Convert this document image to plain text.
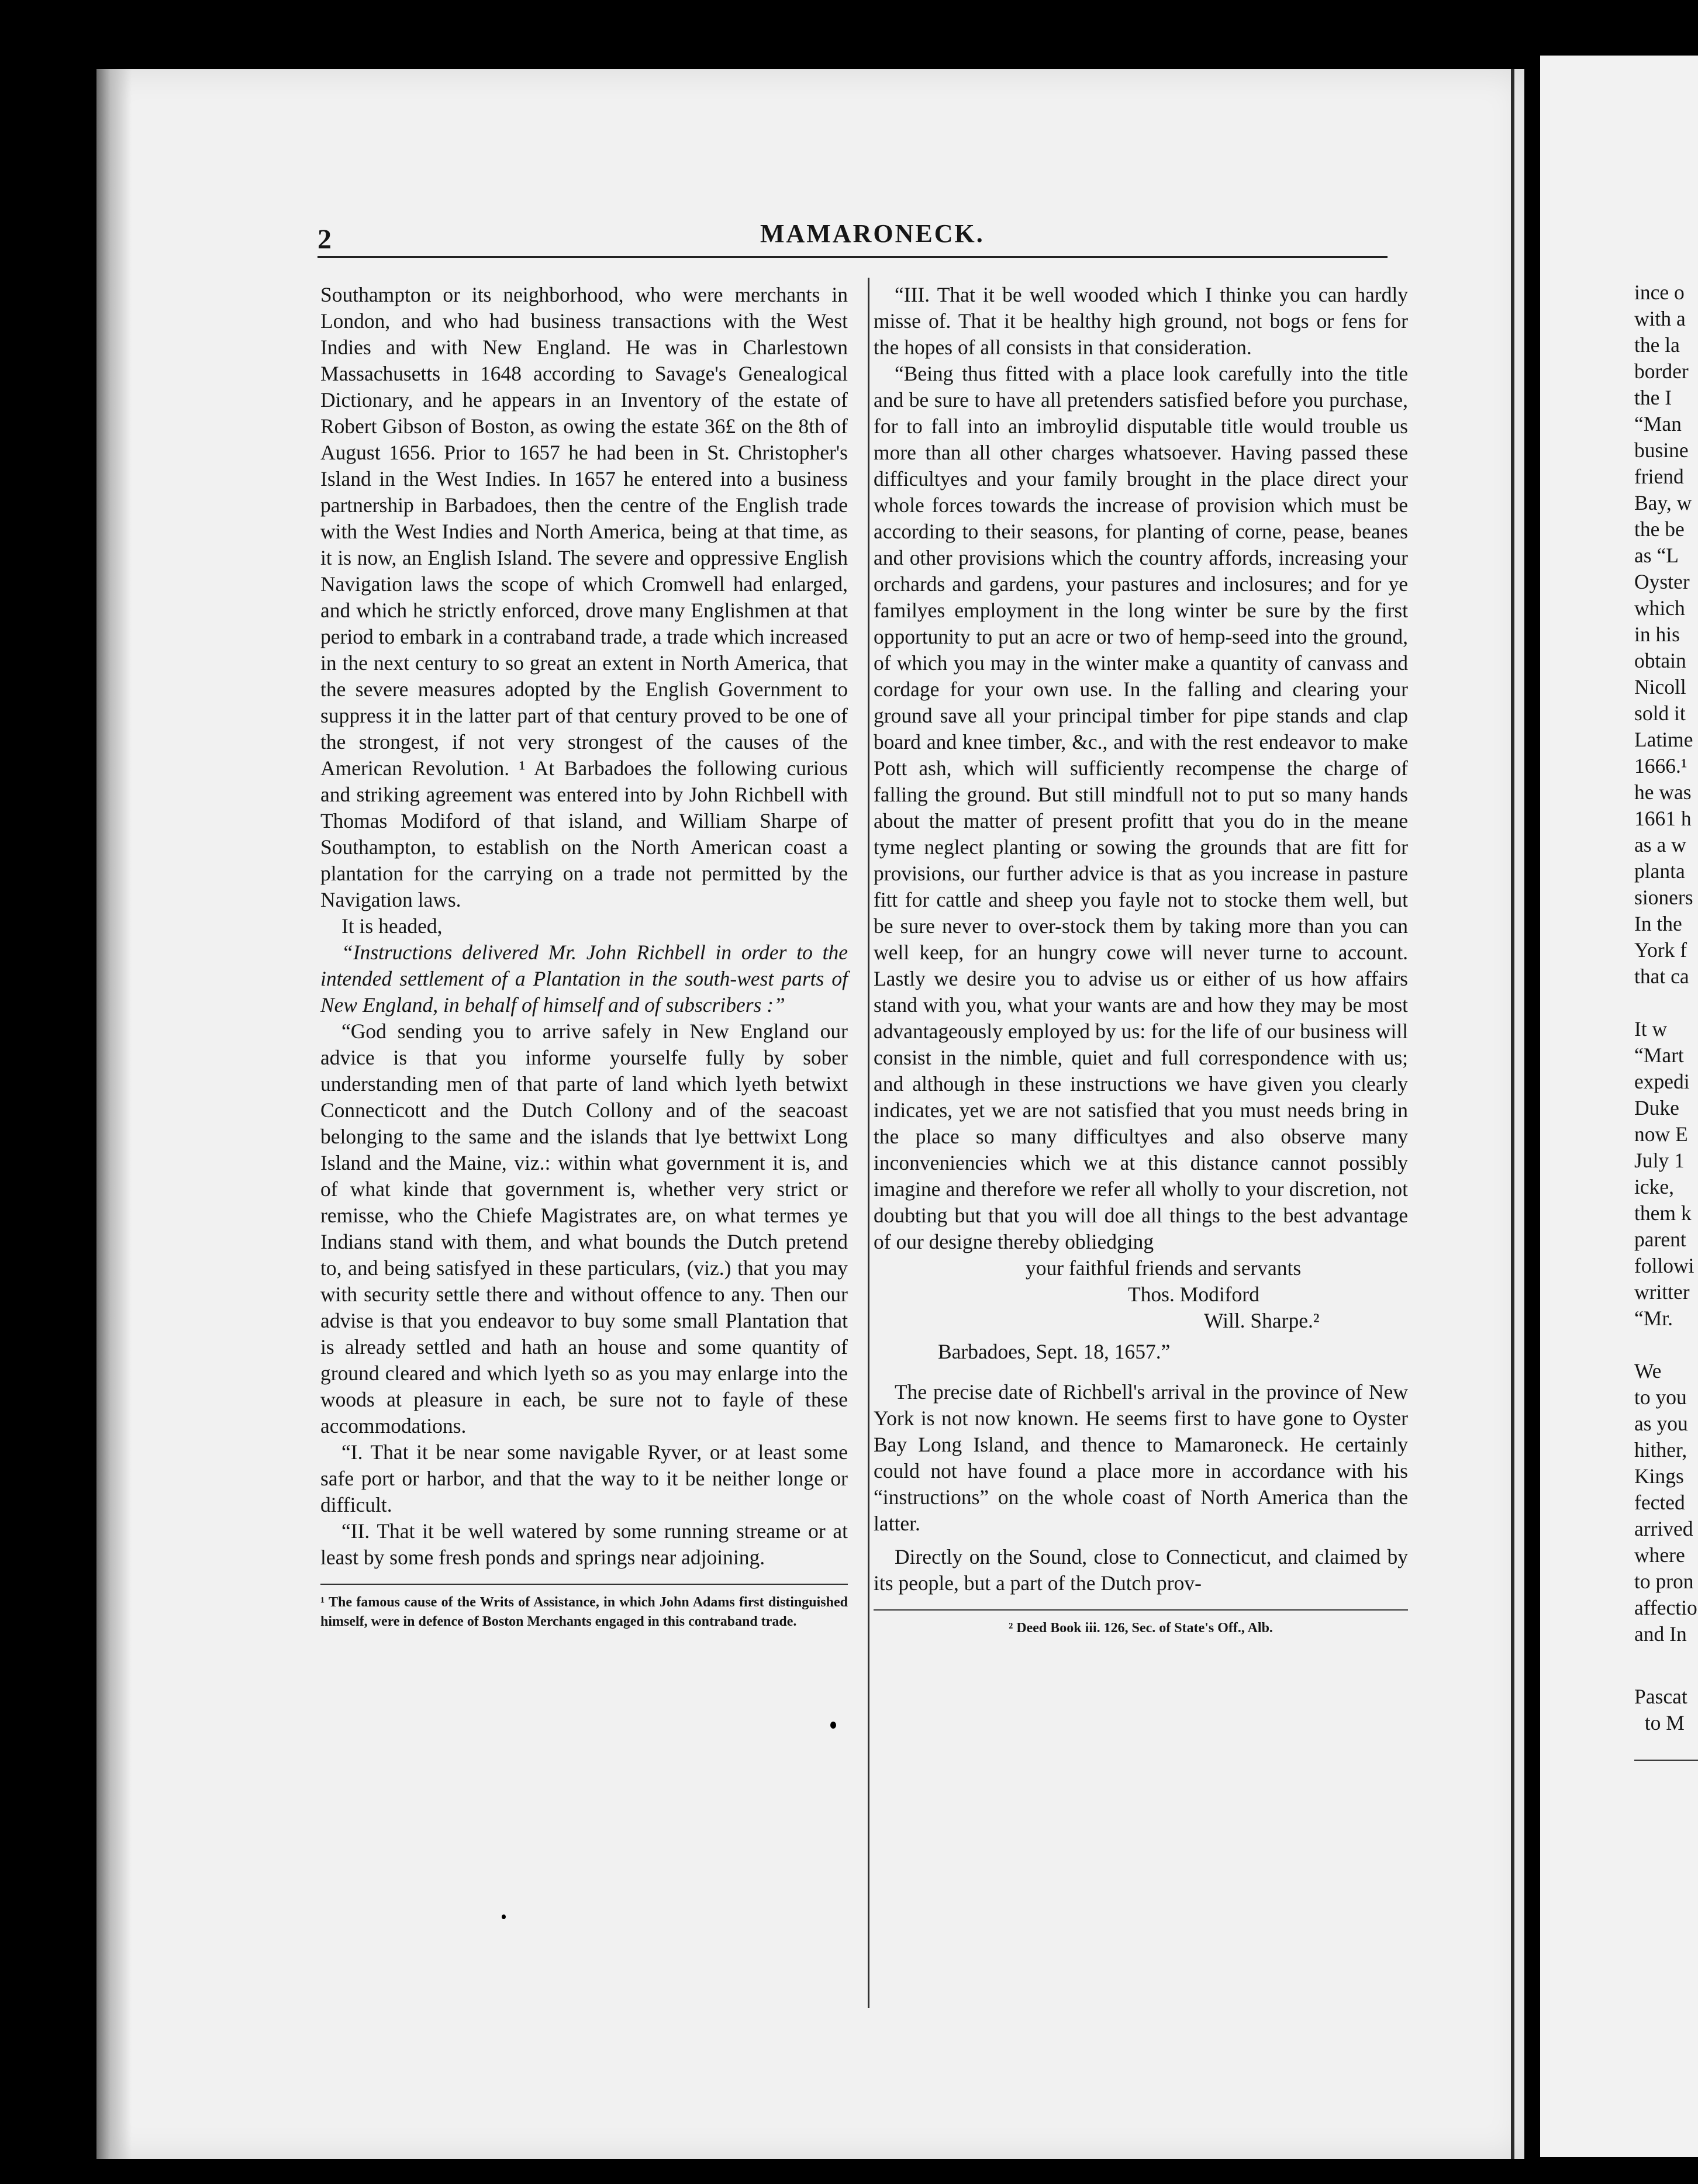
2	MAMARONECK.

Southampton or its neighborhood, who were merchants in London, and who had business transactions with the West Indies and with New England. He was in Charlestown Massachusetts in 1648 according to Savage's Genealogical Dictionary, and he appears in an Inventory of the estate of Robert Gibson of Boston, as owing the estate 36£ on the 8th of August 1656. Prior to 1657 he had been in St. Christopher's Island in the West Indies. In 1657 he entered into a business partnership in Barbadoes, then the centre of the English trade with the West Indies and North America, being at that time, as it is now, an English Island. The severe and oppressive English Navigation laws the scope of which Cromwell had enlarged, and which he strictly enforced, drove many Englishmen at that period to embark in a contraband trade, a trade which increased in the next century to so great an extent in North America, that the severe measures adopted by the English Government to suppress it in the latter part of that century proved to be one of the strongest, if not very strongest of the causes of the American Revolution. ¹ At Barbadoes the following curious and striking agreement was entered into by John Richbell with Thomas Modiford of that island, and William Sharpe of Southampton, to establish on the North American coast a plantation for the carrying on a trade not permitted by the Navigation laws.

It is headed,

“Instructions delivered Mr. John Richbell in order to the intended settlement of a Plantation in the south-west parts of New England, in behalf of himself and of subscribers :”

“God sending you to arrive safely in New England our advice is that you informe yourselfe fully by sober understanding men of that parte of land which lyeth betwixt Connecticott and the Dutch Collony and of the seacoast belonging to the same and the islands that lye bettwixt Long Island and the Maine, viz.: within what government it is, and of what kinde that government is, whether very strict or remisse, who the Chiefe Magistrates are, on what termes ye Indians stand with them, and what bounds the Dutch pretend to, and being satisfyed in these particulars, (viz.) that you may with security settle there and without offence to any. Then our advise is that you endeavor to buy some small Plantation that is already settled and hath an house and some quantity of ground cleared and which lyeth so as you may enlarge into the woods at pleasure in each, be sure not to fayle of these accommodations.

“I. That it be near some navigable Ryver, or at least some safe port or harbor, and that the way to it be neither longe or difficult.

“II. That it be well watered by some running streame or at least by some fresh ponds and springs near adjoining.

¹ The famous cause of the Writs of Assistance, in which John Adams first distinguished himself, were in defence of Boston Merchants engaged in this contraband trade.

“III. That it be well wooded which I thinke you can hardly misse of. That it be healthy high ground, not bogs or fens for the hopes of all consists in that consideration.

“Being thus fitted with a place look carefully into the title and be sure to have all pretenders satisfied before you purchase, for to fall into an imbroylid disputable title would trouble us more than all other charges whatsoever. Having passed these difficultyes and your family brought in the place direct your whole forces towards the increase of provision which must be according to their seasons, for planting of corne, pease, beanes and other provisions which the country affords, increasing your orchards and gardens, your pastures and inclosures; and for ye familyes employment in the long winter be sure by the first opportunity to put an acre or two of hemp-seed into the ground, of which you may in the winter make a quantity of canvass and cordage for your own use. In the falling and clearing your ground save all your principal timber for pipe stands and clap board and knee timber, &c., and with the rest endeavor to make Pott ash, which will sufficiently recompense the charge of falling the ground. But still mindfull not to put so many hands about the matter of present profitt that you do in the meane tyme neglect planting or sowing the grounds that are fitt for provisions, our further advice is that as you increase in pasture fitt for cattle and sheep you fayle not to stocke them well, but be sure never to over-stock them by taking more than you can well keep, for an hungry cowe will never turne to account. Lastly we desire you to advise us or either of us how affairs stand with you, what your wants are and how they may be most advantageously employed by us: for the life of our business will consist in the nimble, quiet and full correspondence with us; and although in these instructions we have given you clearly indicates, yet we are not satisfied that you must needs bring in the place so many difficultyes and also observe many inconveniencies which we at this distance cannot possibly imagine and therefore we refer all wholly to your discretion, not doubting but that you will doe all things to the best advantage of our designe thereby obliedging

your faithful friends and servants

Thos. Modiford

Will. Sharpe.²

Barbadoes, Sept. 18, 1657.”

The precise date of Richbell's arrival in the province of New York is not now known. He seems first to have gone to Oyster Bay Long Island, and thence to Mamaroneck. He certainly could not have found a place more in accordance with his “instructions” on the whole coast of North America than the latter.

Directly on the Sound, close to Connecticut, and claimed by its people, but a part of the Dutch prov-

² Deed Book iii. 126, Sec. of State's Off., Alb.

ince o
with a
the la
border
the I
“Man
busine
friend
Bay, w
the be
as “L
Oyster
which
in his
obtain
Nicoll
sold it
Latime
1666.¹
he was
1661 h
as a w
planta
sioners
In the
York f
that ca

It w
“Mart
expedi
Duke
now E
July 1
icke,
them k
parent
followi
writter
“Mr.

We
to you
as you
hither,
Kings
fected
arrived
where
to pron
affectio
and In
Pascat
to M
